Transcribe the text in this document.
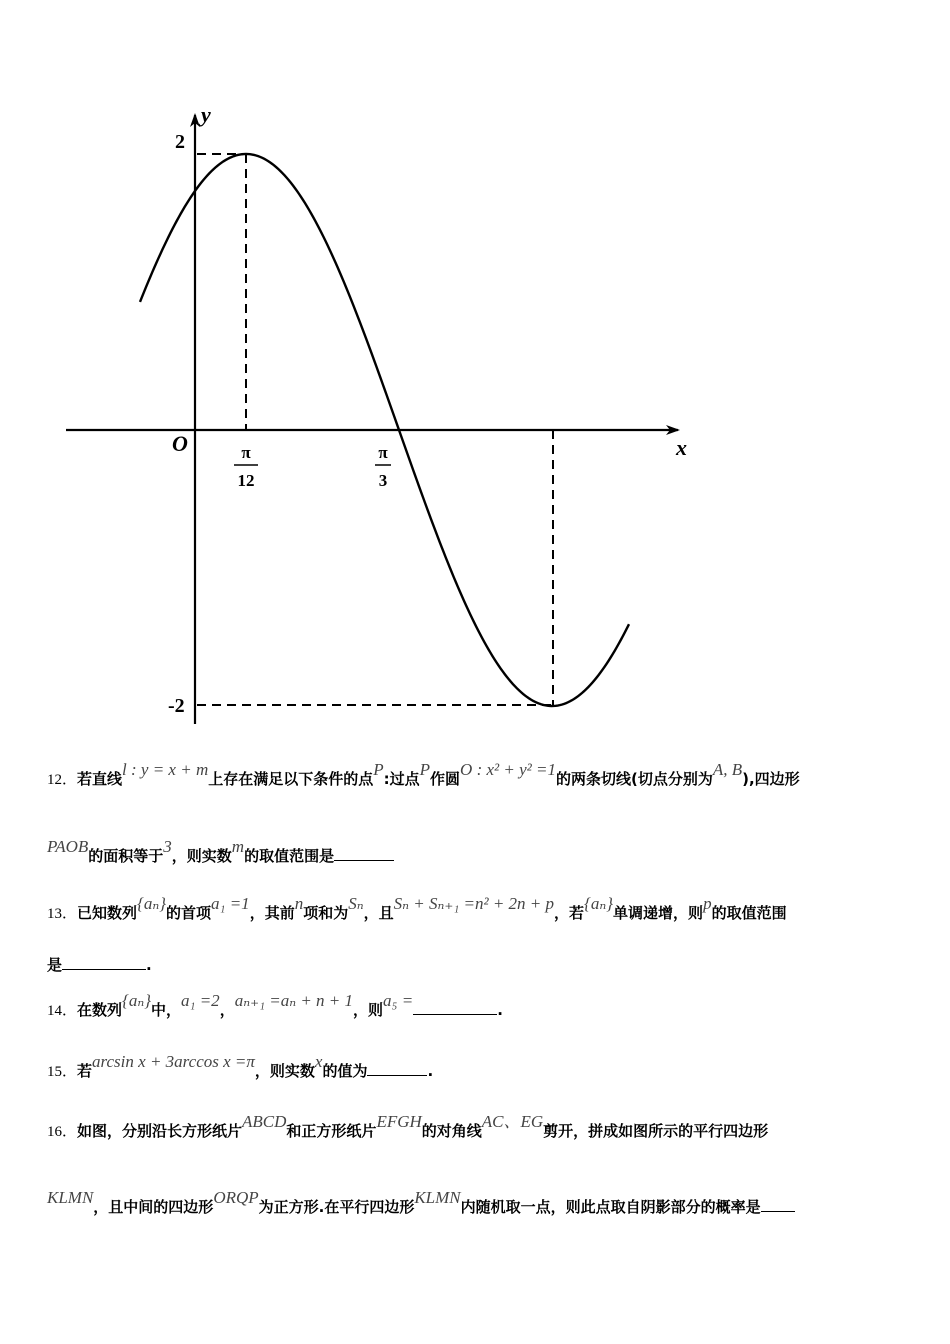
y
x
O
2
-2
π
12
π
3
12．若直线l : y = x + m上存在满足以下条件的点P:过点P作圆O : x² + y² =1的两条切线(切点分别为A, B),四边形
PAOB的面积等于3，则实数m的取值范围是
13．已知数列{aₙ}的首项a₁ =1，其前n项和为Sₙ，且Sₙ + Sₙ₊₁ =n² + 2n + p，若{aₙ}单调递增，则p的取值范围
是	.
14．在数列{aₙ}中，a₁ =2，aₙ₊₁ =aₙ + n + 1，则a₅ =	.
15．若arcsin x + 3arccos x =π，则实数x的值为	.
16．如图，分别沿长方形纸片ABCD和正方形纸片EFGH的对角线AC、EG剪开，拼成如图所示的平行四边形
KLMN，且中间的四边形ORQP为正方形.在平行四边形KLMN内随机取一点，则此点取自阴影部分的概率是
